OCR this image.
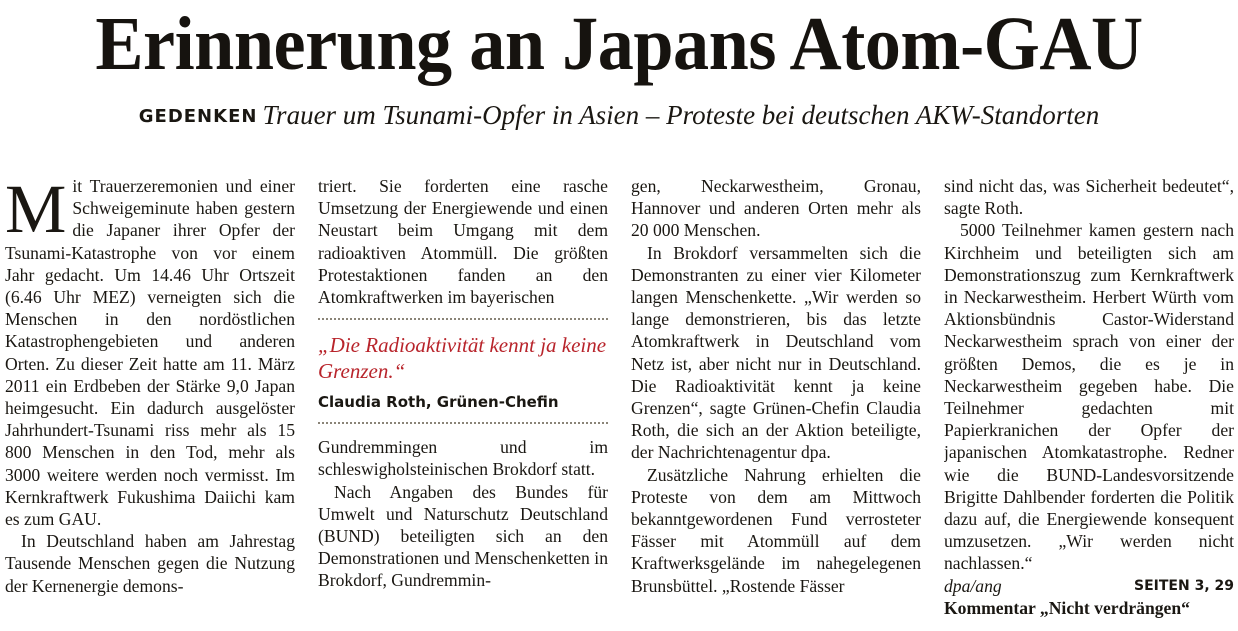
Erinnerung an Japans Atom-GAU
GEDENKEN Trauer um Tsunami-Opfer in Asien – Proteste bei deutschen AKW-Standorten

Mit Trauerzeremonien und einer Schweigeminute haben gestern die Japaner ihrer Opfer der Tsunami-Katastrophe von vor einem Jahr gedacht. Um 14.46 Uhr Ortszeit (6.46 Uhr MEZ) verneigten sich die Menschen in den nordöstlichen Katastrophengebieten und anderen Orten. Zu dieser Zeit hatte am 11. März 2011 ein Erdbeben der Stärke 9,0 Japan heimgesucht. Ein dadurch ausgelöster Jahrhundert-Tsunami riss mehr als 15 800 Menschen in den Tod, mehr als 3000 weitere werden noch vermisst. Im Kernkraftwerk Fukushima Daiichi kam es zum GAU.

In Deutschland haben am Jahrestag Tausende Menschen gegen die Nutzung der Kernenergie demons-

triert. Sie forderten eine rasche Umsetzung der Energiewende und einen Neustart beim Umgang mit dem radioaktiven Atommüll. Die größten Protestaktionen fanden an den Atomkraftwerken im bayerischen

„Die Radioaktivität kennt ja keine Grenzen.“
Claudia Roth, Grünen-Chefin

Gundremmingen und im schleswigholsteinischen Brokdorf statt.

Nach Angaben des Bundes für Umwelt und Naturschutz Deutschland (BUND) beteiligten sich an den Demonstrationen und Menschenketten in Brokdorf, Gundremmin-

gen, Neckarwestheim, Gronau, Hannover und anderen Orten mehr als 20 000 Menschen.

In Brokdorf versammelten sich die Demonstranten zu einer vier Kilometer langen Menschenkette. „Wir werden so lange demonstrieren, bis das letzte Atomkraftwerk in Deutschland vom Netz ist, aber nicht nur in Deutschland. Die Radioaktivität kennt ja keine Grenzen“, sagte Grünen-Chefin Claudia Roth, die sich an der Aktion beteiligte, der Nachrichtenagentur dpa.

Zusätzliche Nahrung erhielten die Proteste von dem am Mittwoch bekanntgewordenen Fund verrosteter Fässer mit Atommüll auf dem Kraftwerksgelände im nahegelegenen Brunsbüttel. „Rostende Fässer

sind nicht das, was Sicherheit bedeutet“, sagte Roth.

5000 Teilnehmer kamen gestern nach Kirchheim und beteiligten sich am Demonstrationszug zum Kernkraftwerk in Neckarwestheim. Herbert Würth vom Aktionsbündnis Castor-Widerstand Neckarwestheim sprach von einer der größten Demos, die es je in Neckarwestheim gegeben habe. Die Teilnehmer gedachten mit Papierkranichen der Opfer der japanischen Atomkatastrophe. Redner wie die BUND-Landesvorsitzende Brigitte Dahlbender forderten die Politik dazu auf, die Energiewende konsequent umzusetzen. „Wir werden nicht nachlassen.“

dpa/ang	SEITEN 3, 29
Kommentar „Nicht verdrängen“
